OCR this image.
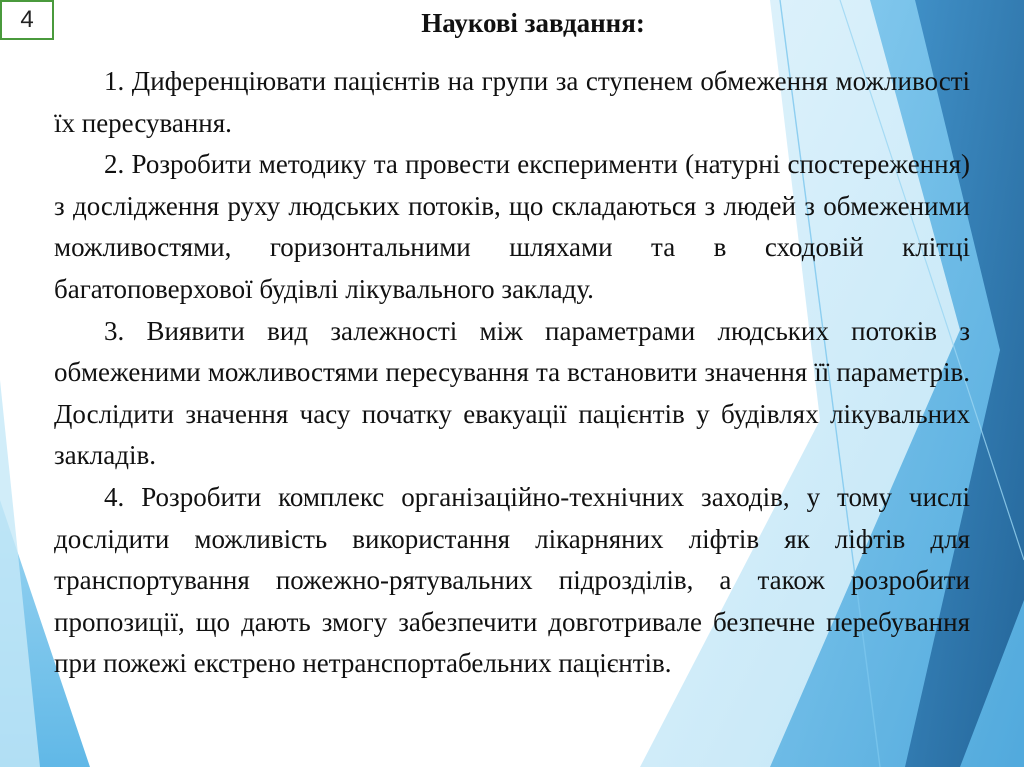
4	Наукові завдання:
1. Диференціювати пацієнтів на групи за ступенем обмеження можливості їх пересування.
2. Розробити методику та провести експерименти (натурні спостереження) з дослідження руху людських потоків, що складаються з людей з обмеженими можливостями, горизонтальними шляхами та в сходовій клітці багатоповерхової будівлі лікувального закладу.
3. Виявити вид залежності між параметрами людських потоків з обмеженими можливостями пересування та встановити значення її параметрів. Дослідити значення часу початку евакуації пацієнтів у будівлях лікувальних закладів.
4. Розробити комплекс організаційно-технічних заходів, у тому числі дослідити можливість використання лікарняних ліфтів як ліфтів для транспортування пожежно-рятувальних підрозділів, а також розробити пропозиції, що дають змогу забезпечити довготривале безпечне перебування при пожежі екстрено нетранспортабельних пацієнтів.
